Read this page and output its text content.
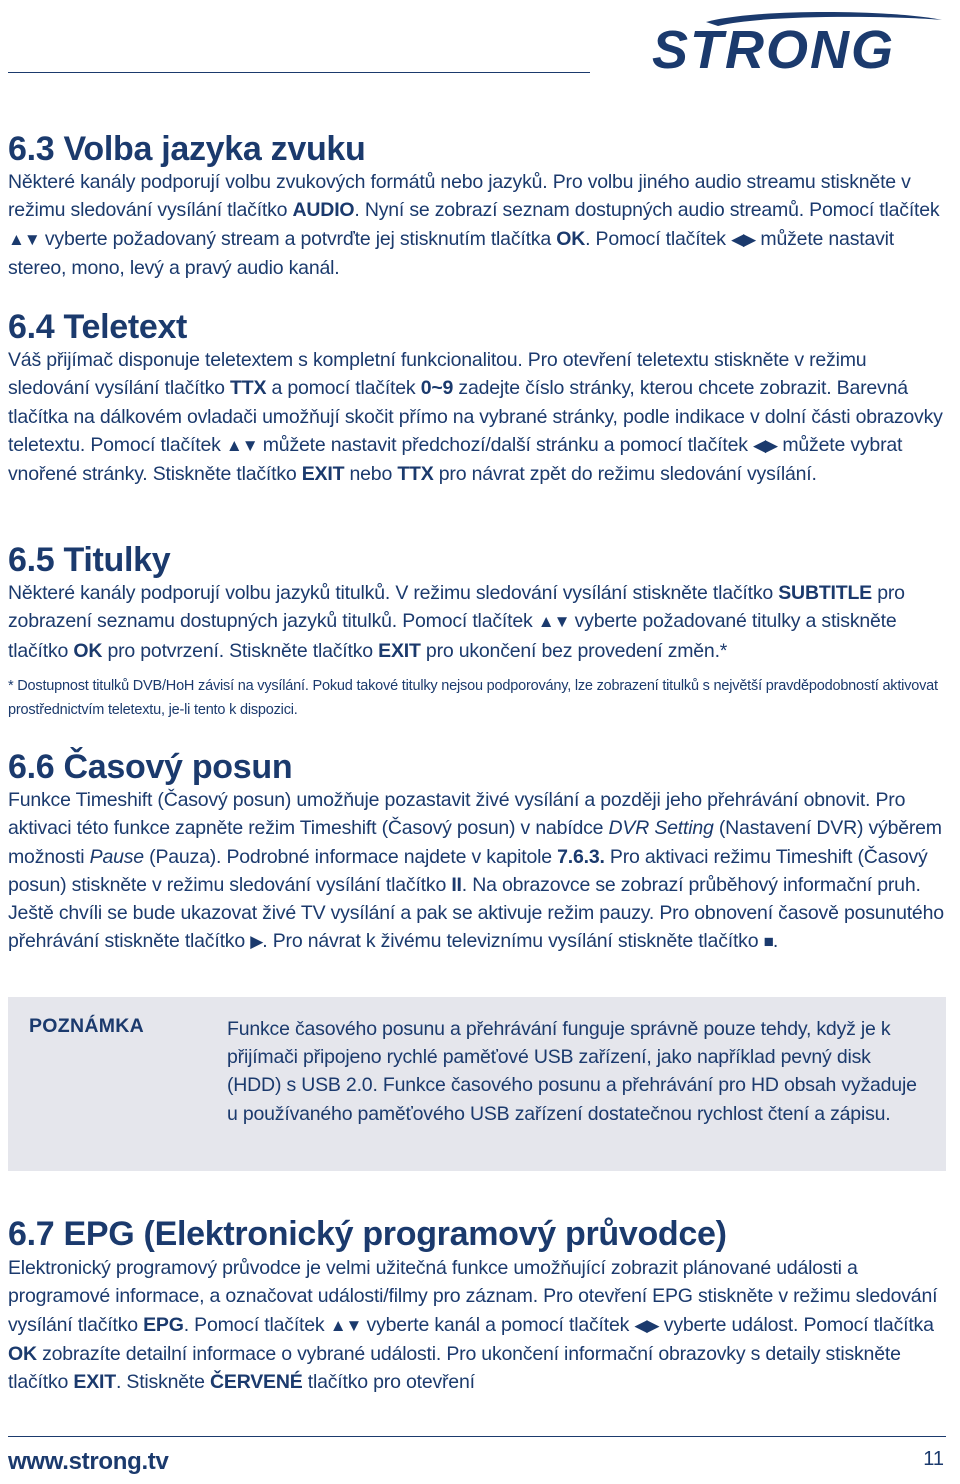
STRONG
6.3 Volba jazyka zvuku

Některé kanály podporují volbu zvukových formátů nebo jazyků. Pro volbu jiného audio streamu stiskněte v režimu sledování vysílání tlačítko AUDIO. Nyní se zobrazí seznam dostupných audio streamů. Pomocí tlačítek ▲▼ vyberte požadovaný stream a potvrďte jej stisknutím tlačítka OK. Pomocí tlačítek ◀▶ můžete nastavit stereo, mono, levý a pravý audio kanál.

6.4 Teletext

Váš přijímač disponuje teletextem s kompletní funkcionalitou. Pro otevření teletextu stiskněte v režimu sledování vysílání tlačítko TTX a pomocí tlačítek 0~9 zadejte číslo stránky, kterou chcete zobrazit. Barevná tlačítka na dálkovém ovladači umožňují skočit přímo na vybrané stránky, podle indikace v dolní části obrazovky teletextu. Pomocí tlačítek ▲▼ můžete nastavit předchozí/další stránku a pomocí tlačítek ◀▶ můžete vybrat vnořené stránky. Stiskněte tlačítko EXIT nebo TTX pro návrat zpět do režimu sledování vysílání.

6.5 Titulky

Některé kanály podporují volbu jazyků titulků. V režimu sledování vysílání stiskněte tlačítko SUBTITLE pro zobrazení seznamu dostupných jazyků titulků. Pomocí tlačítek ▲▼ vyberte požadované titulky a stiskněte tlačítko OK pro potvrzení. Stiskněte tlačítko EXIT pro ukončení bez provedení změn.*

* Dostupnost titulků DVB/HoH závisí na vysílání. Pokud takové titulky nejsou podporovány, lze zobrazení titulků s největší pravděpodobností aktivovat prostřednictvím teletextu, je-li tento k dispozici.

6.6 Časový posun

Funkce Timeshift (Časový posun) umožňuje pozastavit živé vysílání a později jeho přehrávání obnovit. Pro aktivaci této funkce zapněte režim Timeshift (Časový posun) v nabídce DVR Setting (Nastavení DVR) výběrem možnosti Pause (Pauza). Podrobné informace najdete v kapitole 7.6.3. Pro aktivaci režimu Timeshift (Časový posun) stiskněte v režimu sledování vysílání tlačítko II. Na obrazovce se zobrazí průběhový informační pruh. Ještě chvíli se bude ukazovat živé TV vysílání a pak se aktivuje režim pauzy. Pro obnovení časově posunutého přehrávání stiskněte tlačítko ▶. Pro návrat k živému televiznímu vysílání stiskněte tlačítko ■.

POZNÁMKA	Funkce časového posunu a přehrávání funguje správně pouze tehdy, když je k přijímači připojeno rychlé paměťové USB zařízení, jako například pevný disk (HDD) s USB 2.0. Funkce časového posunu a přehrávání pro HD obsah vyžaduje u používaného paměťového USB zařízení dostatečnou rychlost čtení a zápisu.

6.7 EPG (Elektronický programový průvodce)

Elektronický programový průvodce je velmi užitečná funkce umožňující zobrazit plánované události a programové informace, a označovat události/filmy pro záznam. Pro otevření EPG stiskněte v režimu sledování vysílání tlačítko EPG. Pomocí tlačítek ▲▼ vyberte kanál a pomocí tlačítek ◀▶ vyberte událost. Pomocí tlačítka OK zobrazíte detailní informace o vybrané události. Pro ukončení informační obrazovky s detaily stiskněte tlačítko EXIT. Stiskněte ČERVENÉ tlačítko pro otevření

www.strong.tv	11
